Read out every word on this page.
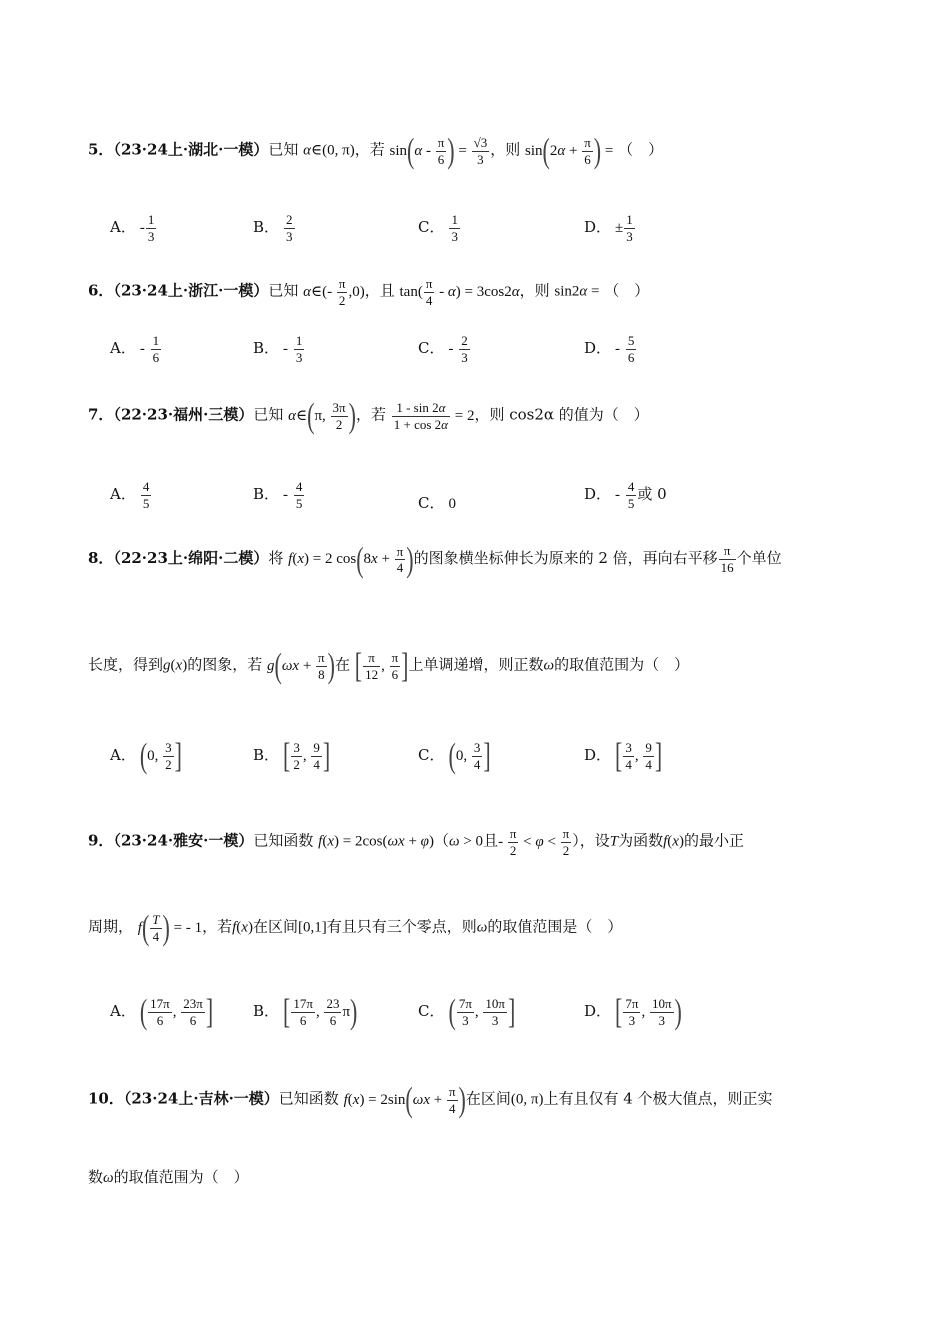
5．（23·24上·湖北·一模）已知 α∈(0, π)，若 $\sin(\alpha - \frac{\pi}{6}$ ) = $\frac{√3}{3}$ ，则 $\sin(2\alpha + \frac{\pi}{6}$ ) = （　）
A． - $\frac{1}{3}$	B． $\frac{2}{3}$	C． $\frac{1}{3}$	D． ± $\frac{1}{3}$
6．（23·24上·浙江·一模）已知 α∈(- $\frac{\pi}{2} ,0$)，且 $\tan( \frac{\pi}{4} - \alpha) = 3\cos 2\alpha$，则 sin2α = （　）
A． - $\frac{1}{6}$	B． - $\frac{1}{3}$	C． - $\frac{2}{3}$	D． - $\frac{5}{6}$
7．（22·23·福州·三模）已知 α∈(π, $\frac{3\pi}{2}$ )，若 $\frac{1 - \sin 2\alpha}{1 + \cos 2\alpha} = 2$，则 cos2α 的值为（　）
A． $\frac{4}{5}$	B． - $\frac{4}{5}$	C． 0
D． - $\frac{4}{5}$ 或 0
8．（22·23上·绵阳·二模）将 f(x) = 2 $\cos(8x + \frac{\pi}{4}$ )的图象横坐标伸长为原来的 2 倍，再向右平移 $\frac{\pi}{16}$ 个单位
长度，得到g(x)的图象，若 $g(\omega x + \frac{\pi}{8}$ )在 [ $\frac{\pi}{12}$ , $\frac{\pi}{6}$ ]上单调递增，则正数ω的取值范围为（　）
A． (0, $\frac{3}{2}$ ]	B． [ $\frac{3}{2}$ , $\frac{9}{4}$ ]	C． (0, $\frac{3}{4}$ ]	D． [ $\frac{3}{4}$ , $\frac{9}{4}$ ]
9．（23·24·雅安·一模）已知函数 f(x) = 2cos(ωx + φ)（ω > 0且- $\frac{\pi}{2} < \varphi < \frac{\pi}{2}$ ），设T为函数f(x)的最小正
周期， $f( \frac{T}{4}$ ) = - 1，若f(x)在区间[0,1]有且只有三个零点，则ω的取值范围是（　）
A． ( $\frac{17\pi}{6}$ , $\frac{23\pi}{6}$ ]	B． [ $\frac{17\pi}{6}$ , $\frac{23}{6} \pi$)	C． ( $\frac{7\pi}{3}$ , $\frac{10\pi}{3}$ ]	D． [ $\frac{7\pi}{3}$ , $\frac{10\pi}{3}$ )
10．（23·24上·吉林·一模）已知函数 $f(x) = 2\sin(\omega x + \frac{\pi}{4}$ )在区间(0, π)上有且仅有 4 个极大值点，则正实
数ω的取值范围为（　）
